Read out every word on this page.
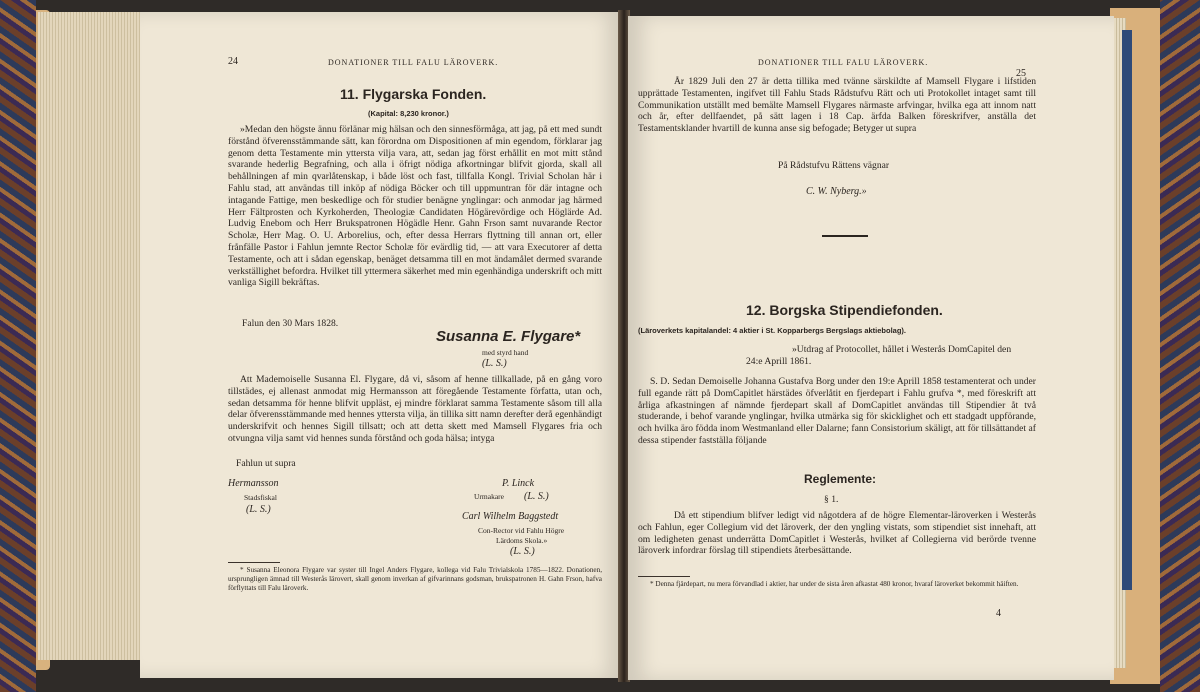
24	DONATIONER TILL FALU LÄROVERK.
11. Flygarska Fonden.
(Kapital: 8,230 kronor.)

»Medan den högste ännu förlänar mig hälsan och den sinnesförmåga, att jag, på ett med sundt förstånd öfverensstämmande sätt, kan förordna om Dispositionen af min egendom, förklarar jag genom detta Testamente min yttersta vilja vara, att, sedan jag först erhållit en mot mitt stånd svarande hederlig Begrafning, och alla i öfrigt nödiga afkortningar blifvit gjorda, skall all behållningen af min qvarlåtenskap, i både löst och fast, tillfalla Kongl. Trivial Scholan här i Fahlu stad, att användas till inköp af nödiga Böcker och till uppmuntran för där intagne och intagande Fattige, men beskedlige och för studier benägne ynglingar: och anmodar jag härmed Herr Fältprosten och Kyrkoherden, Theologiæ Candidaten Högärevördige och Höglärde Ad. Ludvig Enebom och Herr Brukspatronen Högädle Henr. Gahn Frson samt nuvarande Rector Scholæ, Herr Mag. O. U. Arborelius, och, efter dessa Herrars flyttning till annan ort, eller frånfälle Pastor i Fahlun jemnte Rector Scholæ för evärdlig tid, — att vara Executorer af detta Testamente, och att i sådan egenskap, benäget detsamma till en mot ändamålet dermed svarande verkställighet befordra. Hvilket till yttermera säkerhet med min egenhändiga underskrift och mitt vanliga Sigill bekräftas.

Falun den 30 Mars 1828.
Susanna E. Flygare*
med styrd hand
(L. S.)

Att Mademoiselle Susanna El. Flygare, då vi, såsom af henne tillkallade, på en gång voro tillstädes, ej allenast anmodat mig Hermansson att föregående Testamente författa, utan och, sedan detsamma för henne blifvit uppläst, ej mindre förklarat samma Testamente såsom till alla delar öfverensstämmande med hennes yttersta vilja, än tillika sitt namn derefter derå egenhändigt underskrifvit och hennes Sigill tillsatt; och att detta skett med Mamsell Flygares fria och otvungna vilja samt vid hennes sunda förstånd och goda hälsa; intyga

Fahlun ut supra
Hermansson
Stadsfiskal
(L. S.)
P. Linck
Urmakare (L. S.)
Carl Wilhelm Baggstedt
Con-Rector vid Fahlu Högre
Lärdoms Skola.»
(L. S.)

* Susanna Eleonora Flygare var syster till Ingel Anders Flygare, kollega vid Falu Trivialskola 1785—1822. Donationen, ursprungligen ämnad till Westerås lärovert, skall genom inverkan af gifvarinnans godsman, brukspatronen H. Gahn Frson, hafva förflyttats till Falu läroverk.

DONATIONER TILL FALU LÄROVERK.
25

År 1829 Juli den 27 är detta tillika med tvänne särskildte af Mamsell Flygare i lifstiden upprättade Testamenten, ingifvet till Fahlu Stads Rådstufvu Rätt och uti Protokollet intaget samt till Communikation utställt med bemälte Mamsell Flygares närmaste arfvingar, hvilka ega att innom natt och år, efter dellfaendet, på sätt lagen i 18 Cap. ärfda Balken föreskrifver, anställa det Testamentsklander hvartill de kunna anse sig befogade; Betyger ut supra

På Rådstufvu Rättens vägnar
C. W. Nyberg.»
12. Borgska Stipendiefonden.
(Läroverkets kapitalandel: 4 aktier i St. Kopparbergs Bergslags aktiebolag).
»Utdrag af Protocollet, hållet i Westerås DomCapitel den
24:e Aprill 1861.

S. D. Sedan Demoiselle Johanna Gustafva Borg under den 19:e Aprill 1858 testamenterat och under full egande rätt på DomCapitlet härstädes öfverlåtit en fjerdepart i Fahlu grufva *, med föreskrift att årliga afkastningen af nämnde fjerdepart skall af DomCapitlet användas till Stipendier åt två studerande, i behof varande ynglingar, hvilka utmärka sig för skicklighet och ett stadgadt uppförande, och hvilka äro födda inom Westmanland eller Dalarne; fann Consistorium skäligt, att för tillsättandet af dessa stipender fastställa följande

Reglemente:
§ 1.

Då ett stipendium blifver ledigt vid någotdera af de högre Elementar-läroverken i Westerås och Fahlun, eger Collegium vid det läroverk, der den yngling vistats, som stipendiet sist innehaft, att om ledigheten genast underrätta DomCapitlet i Westerås, hvilket af Collegierna vid berörde tvenne läroverk infordrar förslag till stipendiets återbesättande.

* Denna fjärdepart, nu mera förvandlad i aktier, har under de sista åren afkastat 480 kronor, hvaraf läroverket bekommit häiften.

4
